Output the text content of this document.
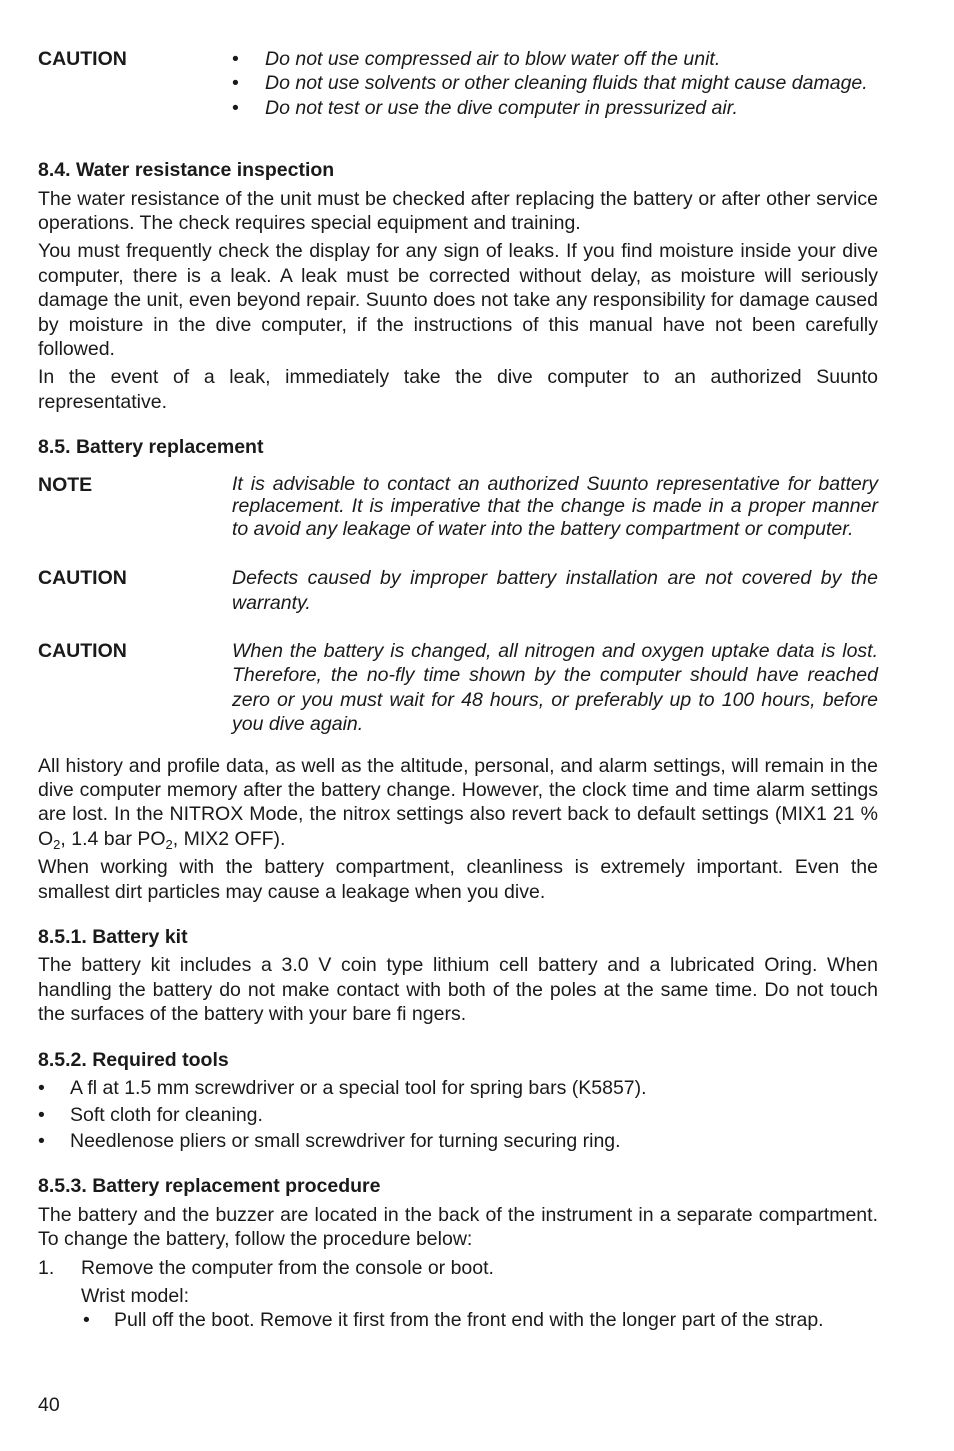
CAUTION
•	Do not use compressed air to blow water off the unit.
• Do not use solvents or other cleaning fluids that might cause damage.
• Do not test or use the dive computer in pressurized air.
8.4. Water resistance inspection

The water resistance of the unit must be checked after replacing the battery or after other service operations. The check requires special equipment and training.

You must frequently check the display for any sign of leaks. If you find moisture inside your dive computer, there is a leak. A leak must be corrected without delay, as moisture will seriously damage the unit, even beyond repair. Suunto does not take any responsibility for damage caused by moisture in the dive computer, if the instructions of this manual have not been carefully followed.

In the event of a leak, immediately take the dive computer to an authorized Suunto representative.

8.5. Battery replacement
NOTE	It is advisable to contact an authorized Suunto representative for battery replacement. It is imperative that the change is made in a proper manner to avoid any leakage of water into the battery compartment or computer.
CAUTION	Defects caused by improper battery installation are not covered by the warranty.
CAUTION	When the battery is changed, all nitrogen and oxygen uptake data is lost. Therefore, the no-fly time shown by the computer should have reached zero or you must wait for 48 hours, or preferably up to 100 hours, before you dive again.

All history and profile data, as well as the altitude, personal, and alarm settings, will remain in the dive computer memory after the battery change. However, the clock time and time alarm settings are lost. In the NITROX Mode, the nitrox settings also revert back to default settings (MIX1 21 % $O_2$, 1.4 bar $PO_2$, MIX2 OFF).

When working with the battery compartment, cleanliness is extremely important. Even the smallest dirt particles may cause a leakage when you dive.

8.5.1. Battery kit

The battery kit includes a 3.0 V coin type lithium cell battery and a lubricated Oring. When handling the battery do not make contact with both of the poles at the same time. Do not touch the surfaces of the battery with your bare fi ngers.

8.5.2. Required tools
• A fl at 1.5 mm screwdriver or a special tool for spring bars (K5857).
• Soft cloth for cleaning.
• Needlenose pliers or small screwdriver for turning securing ring.
8.5.3. Battery replacement procedure

The battery and the buzzer are located in the back of the instrument in a separate compartment. To change the battery, follow the procedure below:

1.	Remove the computer from the console or boot.
Wrist model:
• Pull off the boot. Remove it first from the front end with the longer part of the strap.
40
